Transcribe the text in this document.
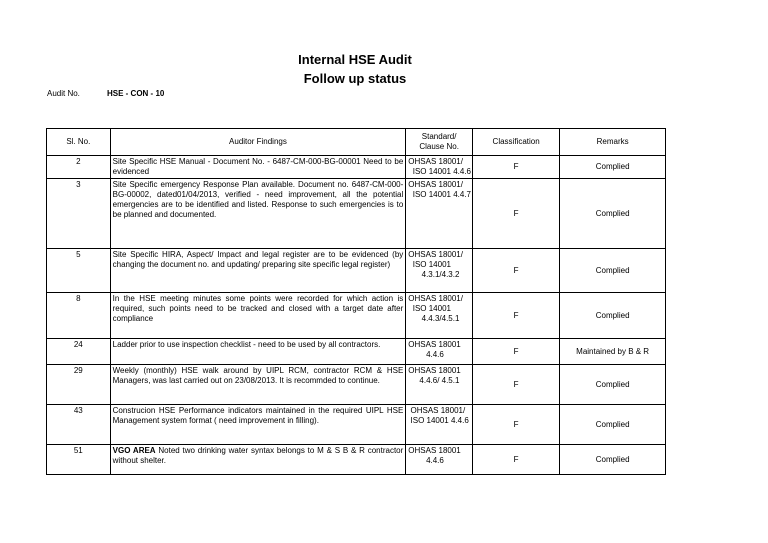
Internal HSE Audit
Follow up status
Audit No.	HSE - CON - 10
Sl. No.	Auditor Findings	Standard/ Clause No.	Classification	Remarks
2	Site Specific HSE Manual - Document No. - 6487-CM-000-BG-00001 Need to be evidenced	OHSAS 18001/
ISO 14001 4.4.6	F	Complied
3	Site Specific emergency Response Plan available. Document no. 6487-CM-000-BG-00002, dated01/04/2013, verified - need improvement, all the potential emergencies are to be identified and listed. Response to such emergencies is to be planned and documented.	OHSAS 18001/
ISO 14001 4.4.7	F	Complied
5	Site Specific HIRA, Aspect/ Impact and legal register are to be evidenced (by changing the document no. and updating/ preparing site specific legal register)	OHSAS 18001/
ISO 14001
4.3.1/4.3.2	F	Complied
8	In the HSE meeting minutes some points were recorded for which action is required, such points need to be tracked and closed with a target date after compliance	OHSAS 18001/
ISO 14001
4.4.3/4.5.1	F	Complied
24	Ladder prior to use inspection checklist - need to be used by all contractors.	OHSAS 18001
4.4.6	F	Maintained by B & R
29	Weekly (monthly) HSE walk around by UIPL RCM, contractor RCM & HSE Managers, was last carried out on 23/08/2013. It is recommded to continue.	OHSAS 18001
4.4.6/ 4.5.1	F	Complied
43	Construcion HSE Performance indicators maintained in the required UIPL HSE Management system format ( need improvement in filling).	OHSAS 18001/
ISO 14001 4.4.6	F	Complied
51	VGO AREA Noted two drinking water syntax belongs to M & S B & R contractor without shelter.	OHSAS 18001
4.4.6	F	Complied
